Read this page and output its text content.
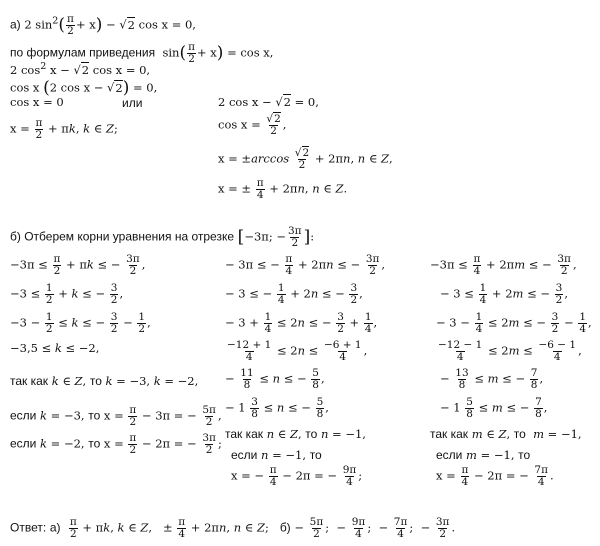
а) 2 $\sin^2( \frac{\pi}{2} + x) - √2$ cos x = 0,
по формулам приведения  $\sin( \frac{\pi}{2} + x) = \cos x$,
2 $\cos^2 x - √2$ cos x = 0,
cos x (2 cos x − √2) = 0,
cos x = 0	или	2 cos x − √2 = 0,
$x = \frac{\pi}{2} + \pi k$, k ∈ Z;	$\cos x = \frac{√2}{2}$ ,
$x = \pm\arccos \frac{√2}{2} + 2\pi n$, n ∈ Z,
x = ± $\frac{\pi}{4} + 2\pi n$, n ∈ Z.
б) Отберем корни уравнения на отрезке [−3π; − $\frac{3\pi}{2}$ ]:
$-3\pi \le \frac{\pi}{2} + \pi k$ ≤ − $\frac{3\pi}{2}$ ,
$-3 \le \frac{1}{2} + k$ ≤ − $\frac{3}{2}$ ,
$-3 - \frac{1}{2} \le k$ ≤ − $\frac{3}{2} - \frac{1}{2}$ ,
−3,5 ≤ k ≤ −2,
так как k ∈ Z, то k = −3, k = −2,
если k = −3, то $x = \frac{\pi}{2} - 3\pi$ = − $\frac{5\pi}{2}$ ,
если k = −2, то $x = \frac{\pi}{2} - 2\pi$ = − $\frac{3\pi}{2}$ ;
− 3π ≤ − $\frac{\pi}{4} + 2\pi n$ ≤ − $\frac{3\pi}{2}$ ,
− 3 ≤ − $\frac{1}{4} + 2n$ ≤ − $\frac{3}{2}$ ,
− $3 + \frac{1}{4} \le 2n$ ≤ − $\frac{3}{2} + \frac{1}{4}$ ,
$\frac{-12 + 1}{4} \le 2n \le \frac{-6 + 1}{4}$ ,
− $\frac{11}{8} \le n$ ≤ − $\frac{5}{8}$ ,
− $1 \frac{3}{8} \le n$ ≤ − $\frac{5}{8}$ ,
так как n ∈ Z, то n = −1,
если n = −1, то
x = − $\frac{\pi}{4} - 2\pi$ = − $\frac{9\pi}{4}$ ;
$-3\pi \le \frac{\pi}{4} + 2\pi m$ ≤ − $\frac{3\pi}{2}$ ,
− $3 \le \frac{1}{4} + 2m$ ≤ − $\frac{3}{2}$ ,
− $3 - \frac{1}{4} \le 2m$ ≤ − $\frac{3}{2} - \frac{1}{4}$ ,
$\frac{-12 - 1}{4} \le 2m \le \frac{-6 - 1}{4}$ ,
− $\frac{13}{8} \le m$ ≤ − $\frac{7}{8}$ ,
− $1 \frac{5}{8} \le m$ ≤ − $\frac{7}{8}$ ,
так как m ∈ Z, то m = −1,
если m = −1, то
$x = \frac{\pi}{4} - 2\pi$ = − $\frac{7\pi}{4}$ .
Ответ: $а) \frac{\pi}{2} + \pi k$, k ∈ Z,   ± $\frac{\pi}{4} + 2\pi n$, n ∈ Z;   $б) - \frac{5\pi}{2}$ ;  − $\frac{9\pi}{4}$ ;  − $\frac{7\pi}{4}$ ;  − $\frac{3\pi}{2}$ .
